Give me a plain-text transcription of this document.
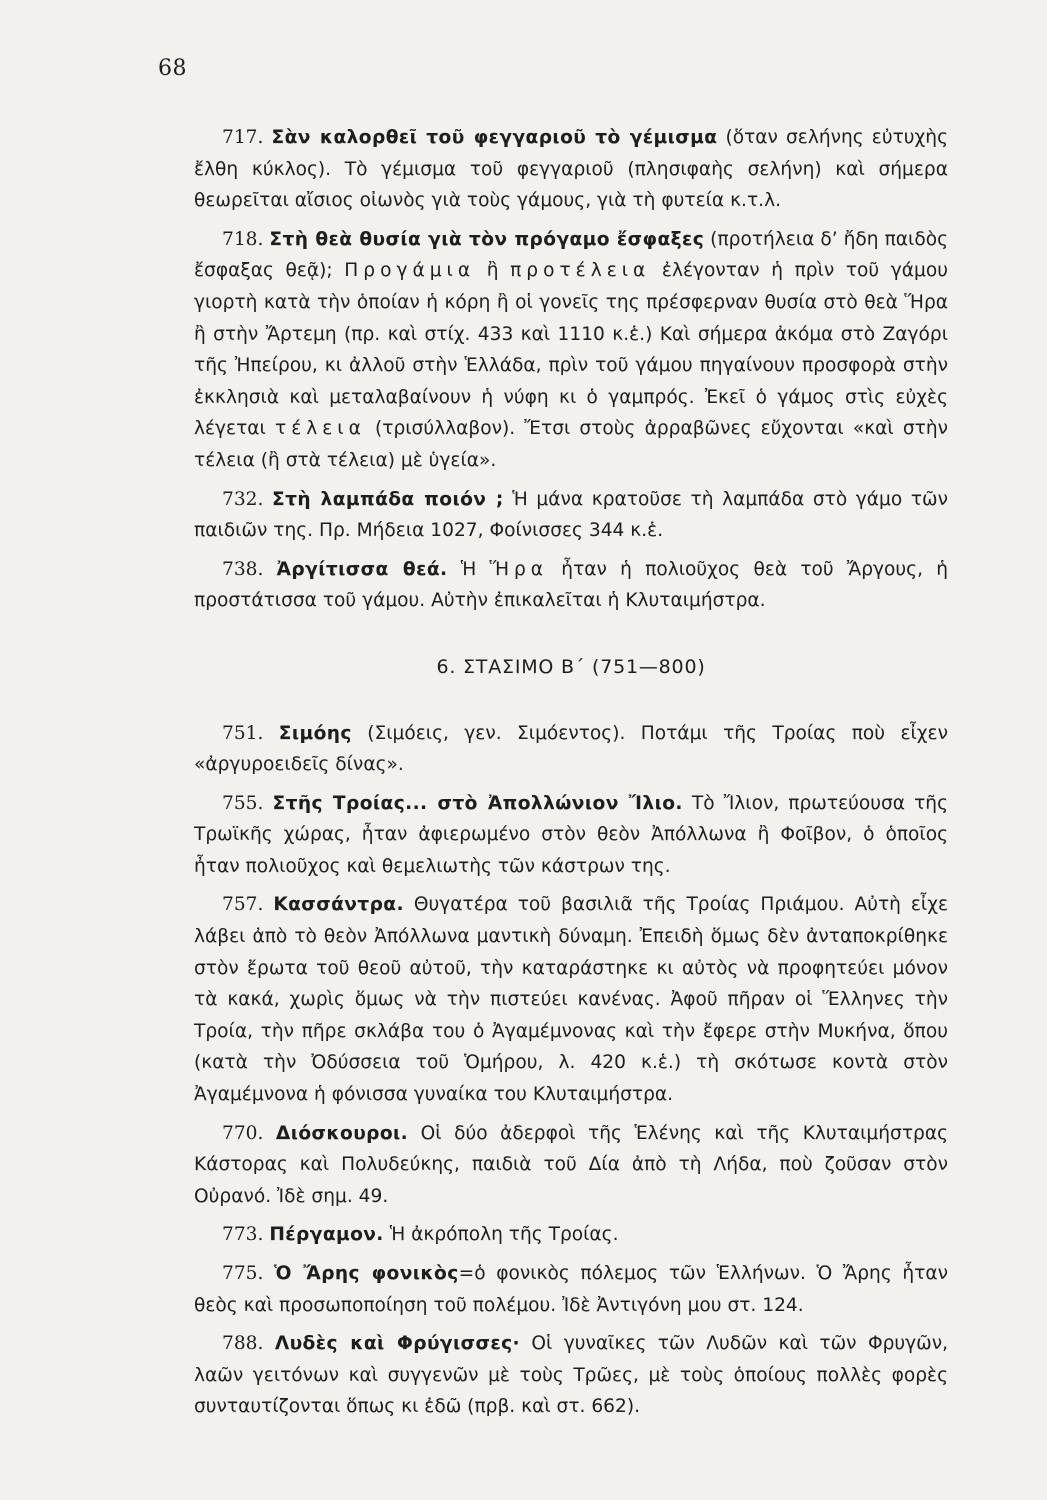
68

717. Σὰν καλορθεῖ τοῦ φεγγαριοῦ τὸ γέμισμα (ὅταν σελήνης εὐτυχὴς ἔλθη κύκλος). Τὸ γέμισμα τοῦ φεγγαριοῦ (πλησιφαὴς σελήνη) καὶ σήμερα θεωρεῖται αἴσιος οἰωνὸς γιὰ τοὺς γάμους, γιὰ τὴ φυτεία κ.τ.λ.

718. Στὴ θεὰ θυσία γιὰ τὸν πρόγαμο ἔσφαξες (προτήλεια δ’ ἤδη παιδὸς ἔσφαξας θεᾷ); Προγάμια ἢ προτέλεια ἐλέγονταν ἡ πρὶν τοῦ γάμου γιορτὴ κατὰ τὴν ὁποίαν ἡ κόρη ἢ οἱ γονεῖς της πρέσφερναν θυσία στὸ θεὰ Ἥρα ἢ στὴν Ἄρτεμη (πρ. καὶ στίχ. 433 καὶ 1110 κ.ἑ.) Καὶ σήμερα ἀκόμα στὸ Ζαγόρι τῆς Ἠπείρου, κι ἀλλοῦ στὴν Ἑλλάδα, πρὶν τοῦ γάμου πηγαίνουν προσφορὰ στὴν ἐκκλησιὰ καὶ μεταλαβαίνουν ἡ νύφη κι ὁ γαμπρός. Ἐκεῖ ὁ γάμος στὶς εὐχὲς λέγεται τέλεια (τρισύλλαβον). Ἔτσι στοὺς ἀρραβῶνες εὔχονται «καὶ στὴν τέλεια (ἢ στὰ τέλεια) μὲ ὑγεία».

732. Στὴ λαμπάδα ποιόν ; Ἡ μάνα κρατοῦσε τὴ λαμπάδα στὸ γάμο τῶν παιδιῶν της. Πρ. Μήδεια 1027, Φοίνισσες 344 κ.ἑ.

738. Ἀργίτισσα θεά. Ἡ Ἥρα ἦταν ἡ πολιοῦχος θεὰ τοῦ Ἄργους, ἡ προστάτισσα τοῦ γάμου. Αὐτὴν ἐπικαλεῖται ἡ Κλυταιμήστρα.

6. ΣΤΑΣΙΜΟ Β΄ (751—800)

751. Σιμόης (Σιμόεις, γεν. Σιμόεντος). Ποτάμι τῆς Τροίας ποὺ εἶχεν «ἀργυροειδεῖς δίνας».

755. Στῆς Τροίας... στὸ Ἀπολλώνιον Ἴλιο. Τὸ Ἴλιον, πρωτεύουσα τῆς Τρωϊκῆς χώρας, ἦταν ἀφιερωμένο στὸν θεὸν Ἀπόλλωνα ἢ Φοῖβον, ὁ ὁποῖος ἦταν πολιοῦχος καὶ θεμελιωτὴς τῶν κάστρων της.

757. Κασσάντρα. Θυγατέρα τοῦ βασιλιᾶ τῆς Τροίας Πριάμου. Αὐτὴ εἶχε λάβει ἀπὸ τὸ θεὸν Ἀπόλλωνα μαντικὴ δύναμη. Ἐπειδὴ ὅμως δὲν ἀνταποκρίθηκε στὸν ἔρωτα τοῦ θεοῦ αὐτοῦ, τὴν καταράστηκε κι αὐτὸς νὰ προφητεύει μόνον τὰ κακά, χωρὶς ὅμως νὰ τὴν πιστεύει κανένας. Ἀφοῦ πῆραν οἱ Ἕλληνες τὴν Τροία, τὴν πῆρε σκλάβα του ὁ Ἀγαμέμνονας καὶ τὴν ἔφερε στὴν Μυκήνα, ὅπου (κατὰ τὴν Ὀδύσσεια τοῦ Ὁμήρου, λ. 420 κ.ἑ.) τὴ σκότωσε κοντὰ στὸν Ἀγαμέμνονα ἡ φόνισσα γυναίκα του Κλυταιμήστρα.

770. Διόσκουροι. Οἱ δύο ἀδερφοὶ τῆς Ἑλένης καὶ τῆς Κλυταιμήστρας Κάστορας καὶ Πολυδεύκης, παιδιὰ τοῦ Δία ἀπὸ τὴ Λήδα, ποὺ ζοῦσαν στὸν Οὐρανό. Ἰδὲ σημ. 49.

773. Πέργαμον. Ἡ ἀκρόπολη τῆς Τροίας.

775. Ὁ Ἄρης φονικὸς=ὁ φονικὸς πόλεμος τῶν Ἑλλήνων. Ὁ Ἄρης ἦταν θεὸς καὶ προσωποποίηση τοῦ πολέμου. Ἰδὲ Ἀντιγόνη μου στ. 124.

788. Λυδὲς καὶ Φρύγισσες· Οἱ γυναῖκες τῶν Λυδῶν καὶ τῶν Φρυγῶν, λαῶν γειτόνων καὶ συγγενῶν μὲ τοὺς Τρῶες, μὲ τοὺς ὁποίους πολλὲς φορὲς συνταυτίζονται ὅπως κι ἐδῶ (πρβ. καὶ στ. 662).
